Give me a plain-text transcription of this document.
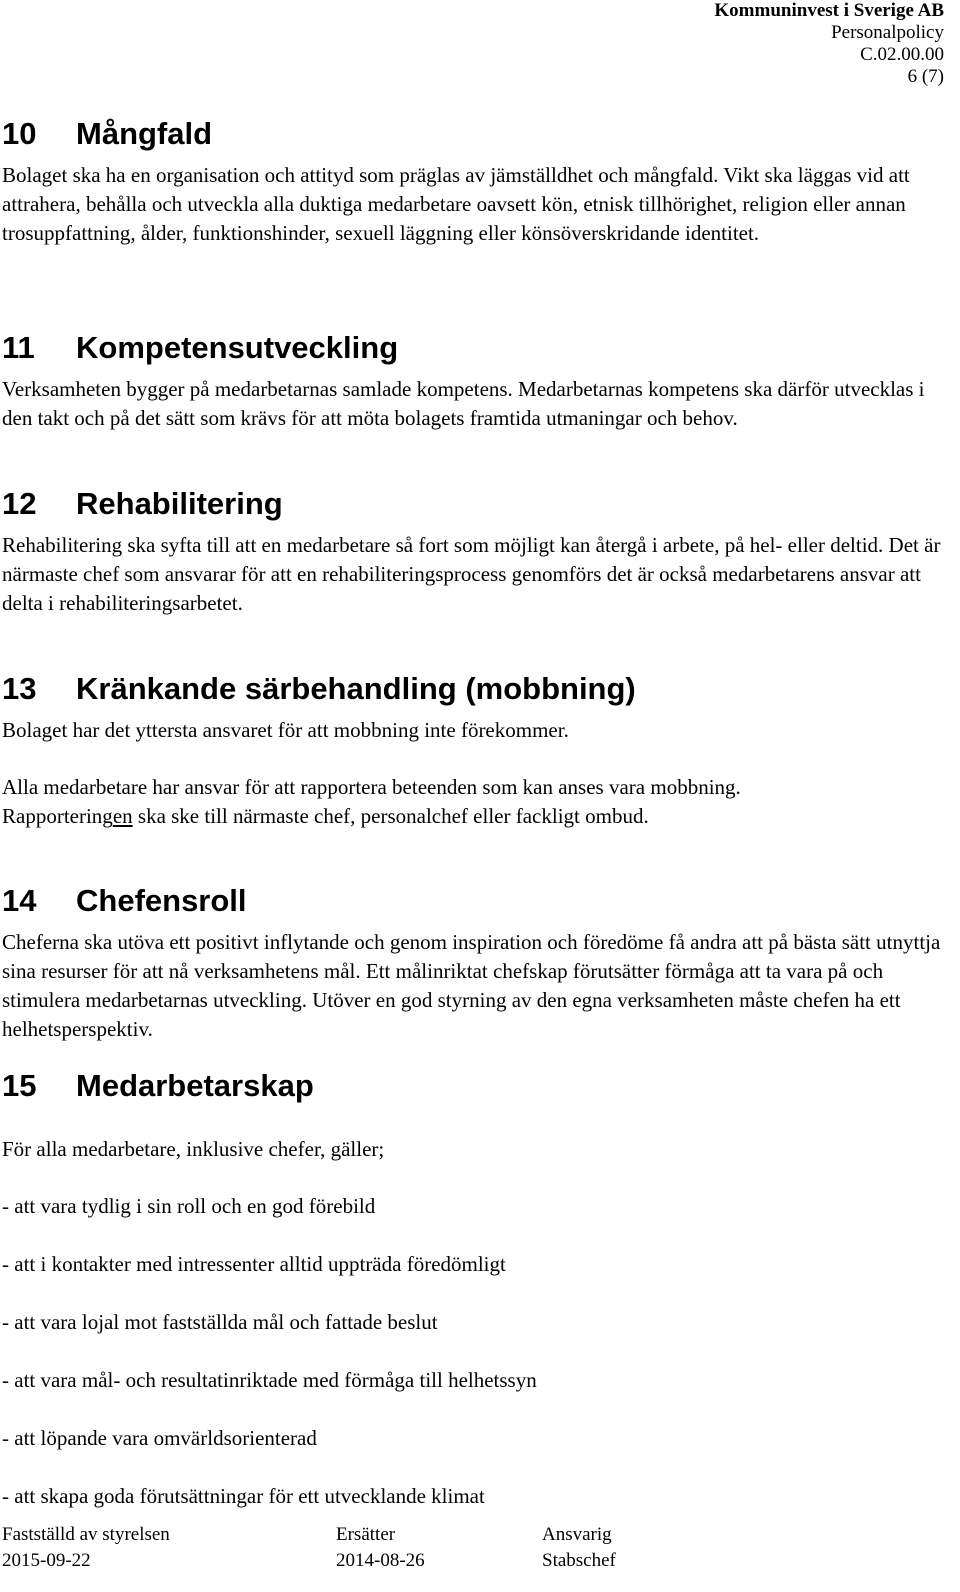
Kommuninvest i Sverige AB
Personalpolicy
C.02.00.00
6 (7)
10 Mångfald

Bolaget ska ha en organisation och attityd som präglas av jämställdhet och mångfald. Vikt ska läggas vid att attrahera, behålla och utveckla alla duktiga medarbetare oavsett kön, etnisk tillhörighet, religion eller annan trosuppfattning, ålder, funktionshinder, sexuell läggning eller könsöverskridande identitet.

11 Kompetensutveckling

Verksamheten bygger på medarbetarnas samlade kompetens. Medarbetarnas kompetens ska därför utvecklas i den takt och på det sätt som krävs för att möta bolagets framtida utmaningar och behov.

12 Rehabilitering

Rehabilitering ska syfta till att en medarbetare så fort som möjligt kan återgå i arbete, på hel- eller deltid. Det är närmaste chef som ansvarar för att en rehabiliteringsprocess genomförs det är också medarbetarens ansvar att delta i rehabiliteringsarbetet.

13 Kränkande särbehandling (mobbning)

Bolaget har det yttersta ansvaret för att mobbning inte förekommer.

Alla medarbetare har ansvar för att rapportera beteenden som kan anses vara mobbning.
Rapporteringen ska ske till närmaste chef, personalchef eller fackligt ombud.

14 Chefensroll

Cheferna ska utöva ett positivt inflytande och genom inspiration och föredöme få andra att på bästa sätt utnyttja sina resurser för att nå verksamhetens mål. Ett målinriktat chefskap förutsätter förmåga att ta vara på och stimulera medarbetarnas utveckling. Utöver en god styrning av den egna verksamheten måste chefen ha ett helhetsperspektiv.

15 Medarbetarskap

För alla medarbetare, inklusive chefer, gäller;

- att vara tydlig i sin roll och en god förebild

- att i kontakter med intressenter alltid uppträda föredömligt

- att vara lojal mot fastställda mål och fattade beslut

- att vara mål- och resultatinriktade med förmåga till helhetssyn

- att löpande vara omvärldsorienterad

- att skapa goda förutsättningar för ett utvecklande klimat

Fastställd av styrelsen
2015-09-22
Ersätter
2014-08-26
Ansvarig
Stabschef
